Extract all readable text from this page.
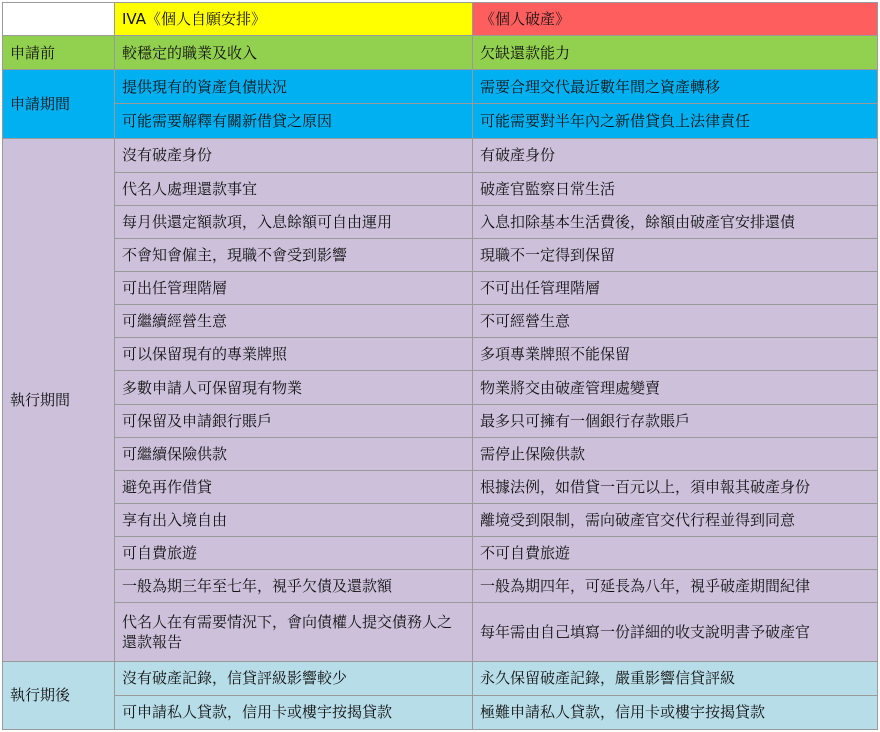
	IVA《個人自願安排》	《個人破產》
申請前	較穩定的職業及收入	欠缺還款能力
申請期間	提供現有的資產負債狀況	需要合理交代最近數年間之資產轉移
	可能需要解釋有關新借貸之原因	可能需要對半年內之新借貸負上法律責任
執行期間	沒有破產身份	有破產身份
	代名人處理還款事宜	破產官監察日常生活
	每月供還定額款項，入息餘額可自由運用	入息扣除基本生活費後，餘額由破產官安排還債
	不會知會僱主，現職不會受到影響	現職不一定得到保留
	可出任管理階層	不可出任管理階層
	可繼續經營生意	不可經營生意
	可以保留現有的專業牌照	多項專業牌照不能保留
	多數申請人可保留現有物業	物業將交由破產管理處變賣
	可保留及申請銀行賬戶	最多只可擁有一個銀行存款賬戶
	可繼續保險供款	需停止保險供款
	避免再作借貸	根據法例，如借貸一百元以上，須申報其破產身份
	享有出入境自由	離境受到限制，需向破產官交代行程並得到同意
	可自費旅遊	不可自費旅遊
	一般為期三年至七年，視乎欠債及還款額	一般為期四年，可延長為八年，視乎破產期間紀律
	代名人在有需要情況下，會向債權人提交債務人之還款報告	每年需由自己填寫一份詳細的收支說明書予破產官
執行期後	沒有破產記錄，信貸評級影響較少	永久保留破產記錄，嚴重影響信貸評級
	可申請私人貸款，信用卡或樓宇按揭貸款	極難申請私人貸款，信用卡或樓宇按揭貸款
